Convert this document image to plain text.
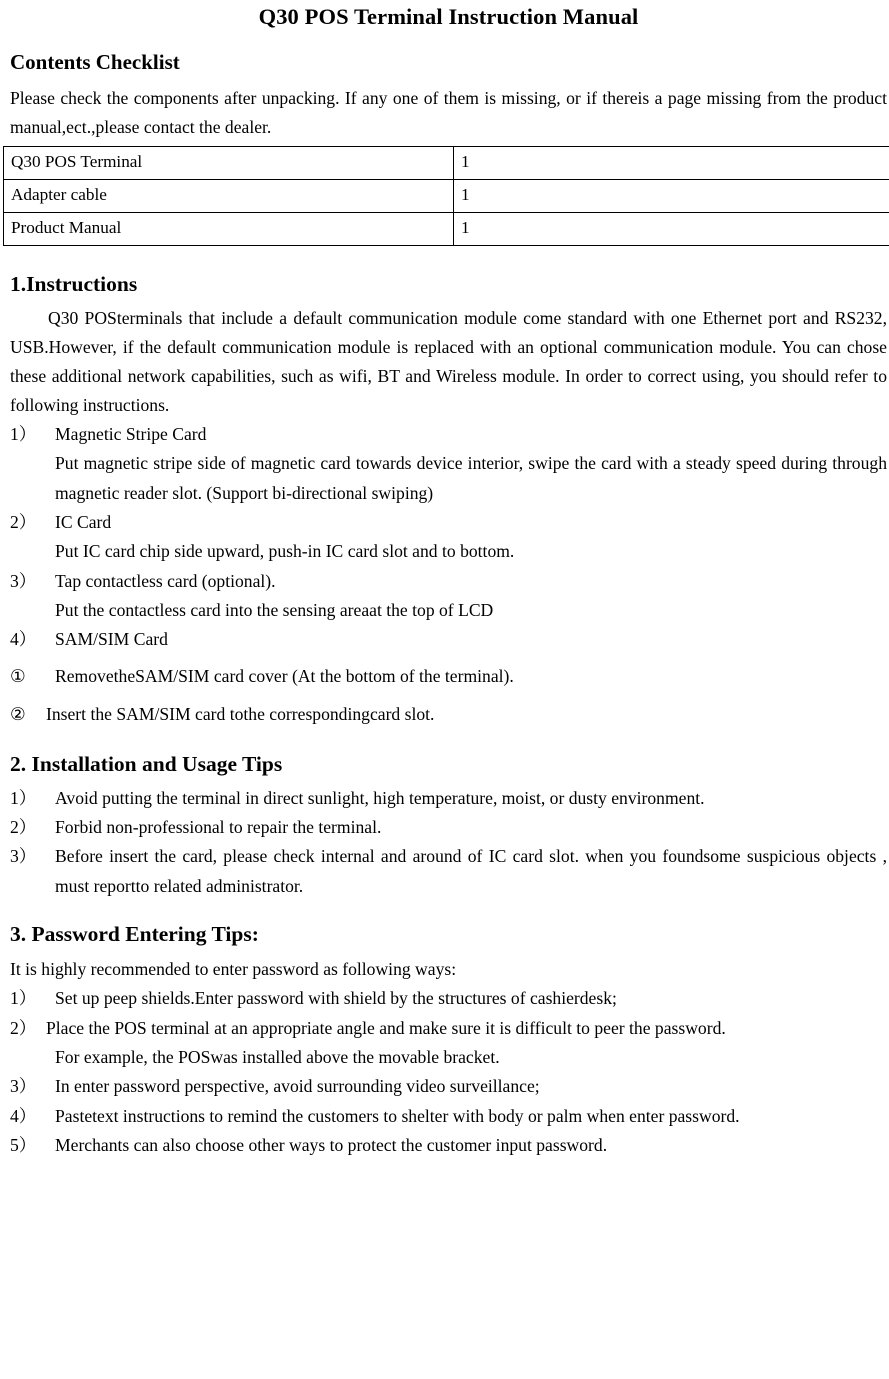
Q30 POS Terminal Instruction Manual
Contents Checklist

Please check the components after unpacking. If any one of them is missing, or if thereis a page missing from the product manual,ect.,please contact the dealer.

Q30 POS Terminal	1
Adapter cable	1
Product Manual	1
1.Instructions

Q30 POSterminals that include a default communication module come standard with one Ethernet port and RS232, USB.However, if the default communication module is replaced with an optional communication module. You can chose these additional network capabilities, such as wifi, BT and Wireless module. In order to correct using, you should refer to following instructions.

1）	Magnetic Stripe Card

Put magnetic stripe side of magnetic card towards device interior, swipe the card with a steady speed during through magnetic reader slot. (Support bi-directional swiping)

2）	IC Card

Put IC card chip side upward, push-in IC card slot and to bottom.

3）	Tap contactless card (optional).

Put the contactless card into the sensing areaat the top of LCD

4）	SAM/SIM Card
①	RemovetheSAM/SIM card cover (At the bottom of the terminal).
②	Insert the SAM/SIM card tothe correspondingcard slot.
2. Installation and Usage Tips
1）	Avoid putting the terminal in direct sunlight, high temperature, moist, or dusty environment.
2）	Forbid non-professional to repair the terminal.
3）	Before insert the card, please check internal and around of IC card slot. when you foundsome suspicious objects , must reportto related administrator.
3. Password Entering Tips:

It is highly recommended to enter password as following ways:

1）	Set up peep shields.Enter password with shield by the structures of cashierdesk;
2） Place the POS terminal at an appropriate angle and make sure it is difficult to peer the password.

For example, the POSwas installed above the movable bracket.

3）	In enter password perspective, avoid surrounding video surveillance;
4）	Pastetext instructions to remind the customers to shelter with body or palm when enter password.
5）	Merchants can also choose other ways to protect the customer input password.
